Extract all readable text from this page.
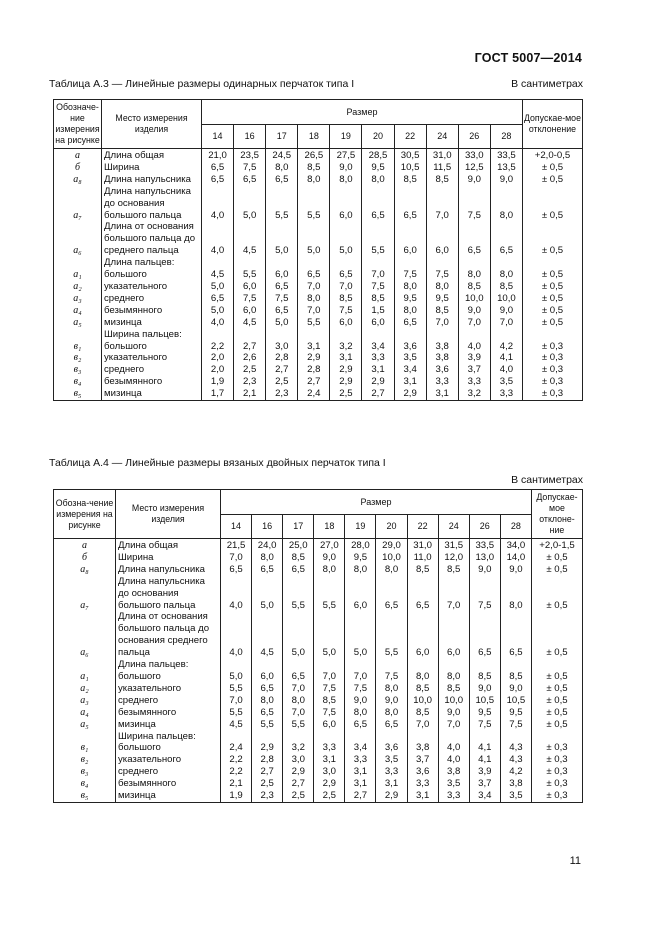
ГОСТ 5007—2014
Таблица А.3 — Линейные размеры одинарных перчаток типа I	В сантиметрах
Обозначе-ние измерения на рисунке	Место измерения изделия	Размер										Допускае-мое отклонение
		14	16	17	18	19	20	22	24	26	28	
a	Длина общая	21,0	23,5	24,5	26,5	27,5	28,5	30,5	31,0	33,0	33,5	+2,0-0,5
б	Ширина	6,5	7,5	8,0	8,5	9,0	9,5	10,5	11,5	12,5	13,5	± 0,5
a₈	Длина напульсника	6,5	6,5	6,5	8,0	8,0	8,0	8,5	8,5	9,0	9,0	± 0,5
a₇	Длина напульсника до основания большого пальца	4,0	5,0	5,5	5,5	6,0	6,5	6,5	7,0	7,5	8,0	± 0,5
a₆	Длина от основания большого пальца до среднего пальца	4,0	4,5	5,0	5,0	5,0	5,5	6,0	6,0	6,5	6,5	± 0,5
	Длина пальцев:											
a₁	большого	4,5	5,5	6,0	6,5	6,5	7,0	7,5	7,5	8,0	8,0	± 0,5
a₂	указательного	5,0	6,0	6,5	7,0	7,0	7,5	8,0	8,0	8,5	8,5	± 0,5
a₃	среднего	6,5	7,5	7,5	8,0	8,5	8,5	9,5	9,5	10,0	10,0	± 0,5
a₄	безымянного	5,0	6,0	6,5	7,0	7,5	1,5	8,0	8,5	9,0	9,0	± 0,5
a₅	мизинца	4,0	4,5	5,0	5,5	6,0	6,0	6,5	7,0	7,0	7,0	± 0,5
	Ширина пальцев:											
в₁	большого	2,2	2,7	3,0	3,1	3,2	3,4	3,6	3,8	4,0	4,2	± 0,3
в₂	указательного	2,0	2,6	2,8	2,9	3,1	3,3	3,5	3,8	3,9	4,1	± 0,3
в₃	среднего	2,0	2,5	2,7	2,8	2,9	3,1	3,4	3,6	3,7	4,0	± 0,3
в₄	безымянного	1,9	2,3	2,5	2,7	2,9	2,9	3,1	3,3	3,3	3,5	± 0,3
в₅	мизинца	1,7	2,1	2,3	2,4	2,5	2,7	2,9	3,1	3,2	3,3	± 0,3
Таблица А.4 — Линейные размеры вязаных двойных перчаток типа I
В сантиметрах
Обозна-чение измерения на рисунке	Место измерения изделия	Размер										Допускае-мое отклоне-ние
		14	16	17	18	19	20	22	24	26	28	
a	Длина общая	21,5	24,0	25,0	27,0	28,0	29,0	31,0	31,5	33,5	34,0	+2,0-1,5
б	Ширина	7,0	8,0	8,5	9,0	9,5	10,0	11,0	12,0	13,0	14,0	± 0,5
a₈	Длина напульсника	6,5	6,5	6,5	8,0	8,0	8,0	8,5	8,5	9,0	9,0	± 0,5
a₇	Длина напульсника до основания большого пальца	4,0	5,0	5,5	5,5	6,0	6,5	6,5	7,0	7,5	8,0	± 0,5
a₆	Длина от основания большого пальца до основания среднего пальца	4,0	4,5	5,0	5,0	5,0	5,5	6,0	6,0	6,5	6,5	± 0,5
	Длина пальцев:											
a₁	большого	5,0	6,0	6,5	7,0	7,0	7,5	8,0	8,0	8,5	8,5	± 0,5
a₂	указательного	5,5	6,5	7,0	7,5	7,5	8,0	8,5	8,5	9,0	9,0	± 0,5
a₃	среднего	7,0	8,0	8,0	8,5	9,0	9,0	10,0	10,0	10,5	10,5	± 0,5
a₄	безымянного	5,5	6,5	7,0	7,5	8,0	8,0	8,5	9,0	9,5	9,5	± 0,5
a₅	мизинца	4,5	5,5	5,5	6,0	6,5	6,5	7,0	7,0	7,5	7,5	± 0,5
	Ширина пальцев:											
в₁	большого	2,4	2,9	3,2	3,3	3,4	3,6	3,8	4,0	4,1	4,3	± 0,3
в₂	указательного	2,2	2,8	3,0	3,1	3,3	3,5	3,7	4,0	4,1	4,3	± 0,3
в₃	среднего	2,2	2,7	2,9	3,0	3,1	3,3	3,6	3,8	3,9	4,2	± 0,3
в₄	безымянного	2,1	2,5	2,7	2,9	3,1	3,1	3,3	3,5	3,7	3,8	± 0,3
в₅	мизинца	1,9	2,3	2,5	2,5	2,7	2,9	3,1	3,3	3,4	3,5	± 0,3
11
